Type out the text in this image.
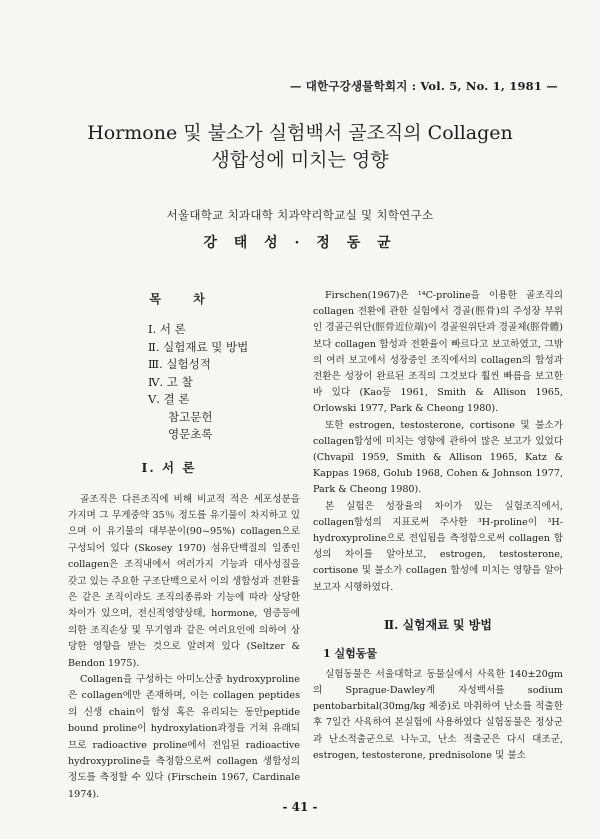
— 대한구강생물학회지 : Vol. 5, No. 1, 1981 —
Hormone 및 불소가 실험백서 골조직의 Collagen
생합성에 미치는 영향
서울대학교 치과대학 치과약리학교실 및 치학연구소
강 태 성 · 정 동 균
목 차
Ⅰ. 서 론
Ⅱ. 실험재료 및 방법
Ⅲ. 실험성적
Ⅳ. 고 찰
Ⅴ. 결 론
참고문헌
영문초록
Ⅰ. 서 론

골조직은 다른조직에 비해 비교적 적은 세포성분을 가지며 그 무게중약 35％ 정도를 유기물이 차지하고 있으며 이 유기물의 대부분이(90~95%) collagen으로 구성되어 있다 (Skosey 1970) 섬유단백질의 일종인 collagen은 조직내에서 여러가지 기능과 대사성질을 갖고 있는 주요한 구조단백으로서 이의 생합성과 전환율은 같은 조직이라도 조직의종류와 기능에 따라 상당한 차이가 있으며, 전신적영양상태, hormone, 염증등에 의한 조직손상 및 무기염과 같은 여러요인에 의하여 상당한 영향을 받는 것으로 알려져 있다 (Seltzer & Bendon 1975).

Collagen을 구성하는 아미노산중 hydroxyproline은 collagen에만 존재하며, 이는 collagen peptides의 신생 chain이 합성 혹은 유리되는 동안peptide bound proline이 hydroxylation과정을 거쳐 유래되므로 radioactive proline에서 전입된 radioactive hydroxyproline을 측정함으로써 collagen 생합성의 정도를 측정할 수 있다 (Firschein 1967, Cardinale 1974).

Firschen(1967)은 ¹⁴C-proline을 이용한 골조직의 collagen 전환에 관한 실험에서 경골(脛骨)의 주성장 부위인 경골근위단(脛骨近位端)이 경골원위단과 경골체(脛骨體)보다 collagen 합성과 전환율이 빠르다고 보고하였고, 그밖의 여러 보고에서 성장중인 조직에서의 collagen의 합성과 전환은 성장이 완료된 조직의 그것보다 훨씬 빠름을 보고한 바 있다 (Kao등 1961, Smith & Allison 1965, Orlowski 1977, Park & Cheong 1980).

또한 estrogen, testosterone, cortisone 및 불소가 collagen합성에 미치는 영향에 관하여 많은 보고가 있었다 (Chvapil 1959, Smith & Allison 1965, Katz & Kappas 1968, Golub 1968, Cohen & Johnson 1977, Park & Cheong 1980).

본 실험은 성장율의 차이가 있는 실험조직에서, collagen합성의 지표로써 주사한 ³H-proline이 ³H-hydroxyproline으로 전입됨을 측정함으로써 collagen 합성의 차이를 알아보고, estrogen, testosterone, cortisone 및 불소가 collagen 합성에 미치는 영향을 알아보고자 시행하였다.

Ⅱ. 실험재료 및 방법
1 실험동물

실험동물은 서울대학교 동물실에서 사육한 140±20gm의 Sprague-Dawley계 자성백서를 sodium pentobarbital(30mg/kg 체중)로 마취하여 난소를 적출한 후 7일간 사육하여 본실험에 사용하였다 실험동물은 정상군과 난소적출군으로 나누고, 난소 적출군은 다시 대조군, estrogen, testosterone, prednisolone 및 불소

- 41 -
